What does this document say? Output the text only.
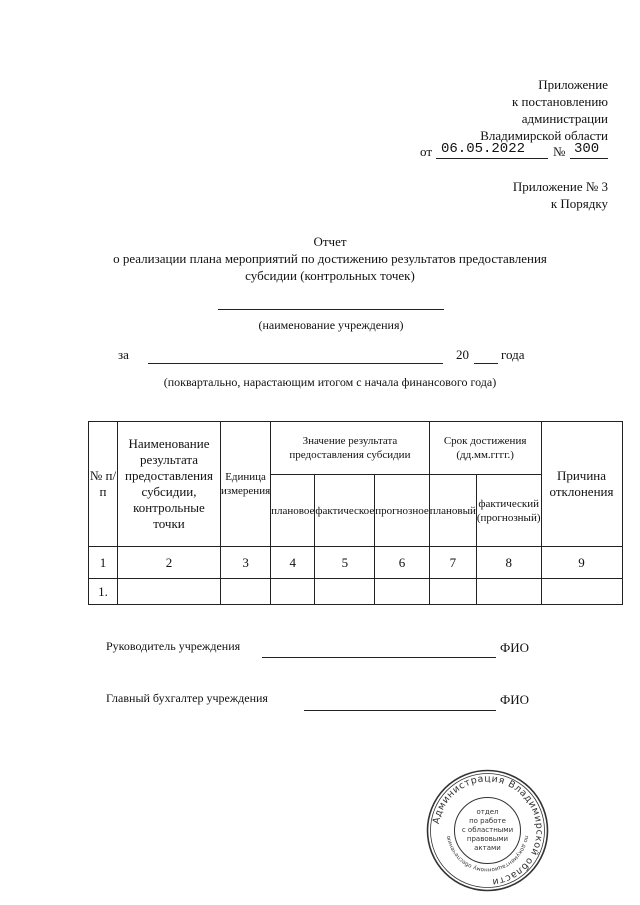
Приложение
к постановлению
администрации
Владимирской области
от 06.05.2022 № 300
Приложение № 3
к Порядку
Отчет
о реализации плана мероприятий по достижению результатов предоставления
субсидии (контрольных точек)
(наименование учреждения)
за	20 года
(поквартально, нарастающим итогом с начала финансового года)
№ п/п	Наименование результата предоставления субсидии, контрольные точки	Единица измерения	Значение результата предоставления субсидии			Срок достижения (дд.мм.гггг.)		Причина отклонения
			плановое	фактическое	прогнозное	плановый	фактический (прогнозный)	
1	2	3	4	5	6	7	8	9
1.								
Руководитель учреждения	ФИО
Главный бухгалтер учреждения	ФИО
Администрация Владимирской области
по документационному обеспечению
отдел
по работе
с областными
правовыми
актами
